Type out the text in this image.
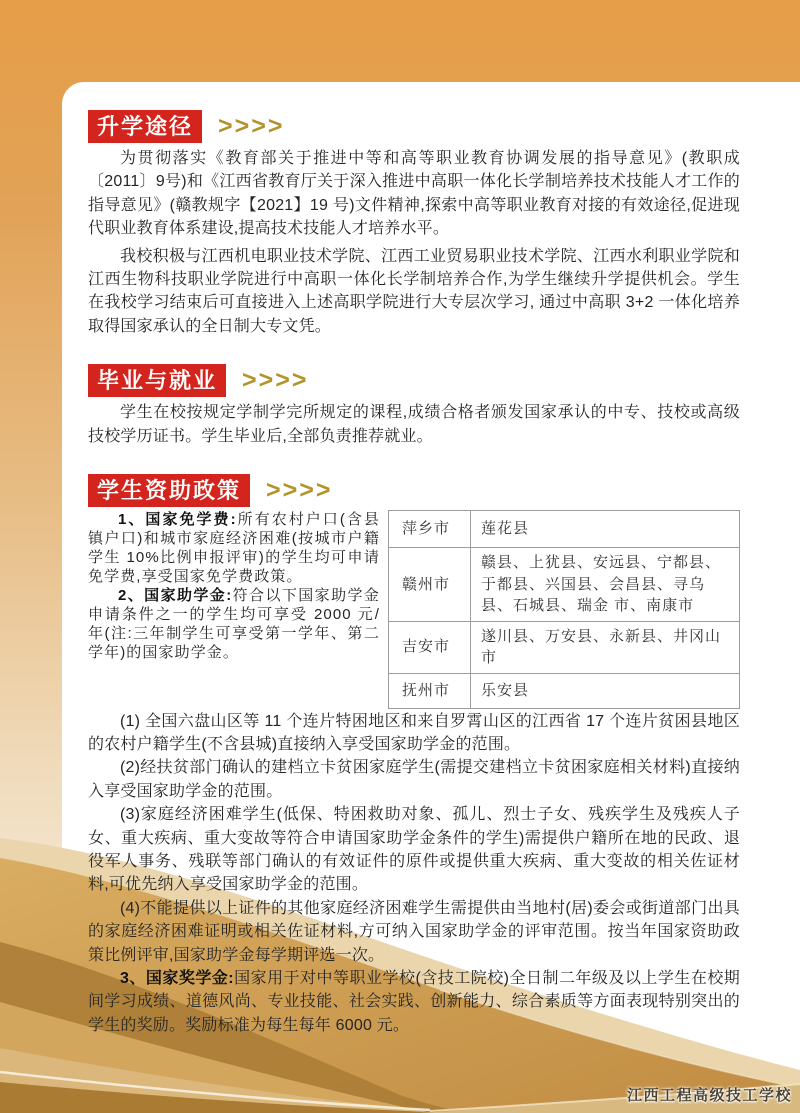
升学途径	>>>>

为贯彻落实《教育部关于推进中等和高等职业教育协调发展的指导意见》(教职成〔2011〕9号)和《江西省教育厅关于深入推进中高职一体化长学制培养技术技能人才工作的指导意见》(赣教规字【2021】19 号)文件精神,探索中高等职业教育对接的有效途径,促进现代职业教育体系建设,提高技术技能人才培养水平。

我校积极与江西机电职业技术学院、江西工业贸易职业技术学院、江西水利职业学院和江西生物科技职业学院进行中高职一体化长学制培养合作,为学生继续升学提供机会。学生在我校学习结束后可直接进入上述高职学院进行大专层次学习, 通过中高职 3+2 一体化培养取得国家承认的全日制大专文凭。

毕业与就业	>>>>

学生在校按规定学制学完所规定的课程,成绩合格者颁发国家承认的中专、技校或高级技校学历证书。学生毕业后,全部负责推荐就业。

学生资助政策	>>>>

1、国家免学费:所有农村户口(含县镇户口)和城市家庭经济困难(按城市户籍学生 10%比例申报评审)的学生均可申请免学费,享受国家免学费政策。

2、国家助学金:符合以下国家助学金申请条件之一的学生均可享受 2000 元/年(注:三年制学生可享受第一学年、第二学年)的国家助学金。

萍乡市	莲花县
赣州市	赣县、上犹县、安远县、宁都县、于都县、兴国县、会昌县、寻乌县、石城县、瑞金 市、南康市
吉安市	遂川县、万安县、永新县、井冈山市
抚州市	乐安县

(1) 全国六盘山区等 11 个连片特困地区和来自罗霄山区的江西省 17 个连片贫困县地区的农村户籍学生(不含县城)直接纳入享受国家助学金的范围。

(2)经扶贫部门确认的建档立卡贫困家庭学生(需提交建档立卡贫困家庭相关材料)直接纳入享受国家助学金的范围。

(3)家庭经济困难学生(低保、特困救助对象、孤儿、烈士子女、残疾学生及残疾人子女、重大疾病、重大变故等符合申请国家助学金条件的学生)需提供户籍所在地的民政、退役军人事务、残联等部门确认的有效证件的原件或提供重大疾病、重大变故的相关佐证材料,可优先纳入享受国家助学金的范围。

(4)不能提供以上证件的其他家庭经济困难学生需提供由当地村(居)委会或街道部门出具的家庭经济困难证明或相关佐证材料,方可纳入国家助学金的评审范围。按当年国家资助政策比例评审,国家助学金每学期评选一次。

3、国家奖学金:国家用于对中等职业学校(含技工院校)全日制二年级及以上学生在校期间学习成绩、道德风尚、专业技能、社会实践、创新能力、综合素质等方面表现特别突出的学生的奖励。奖励标准为每生每年 6000 元。

江西工程高级技工学校
